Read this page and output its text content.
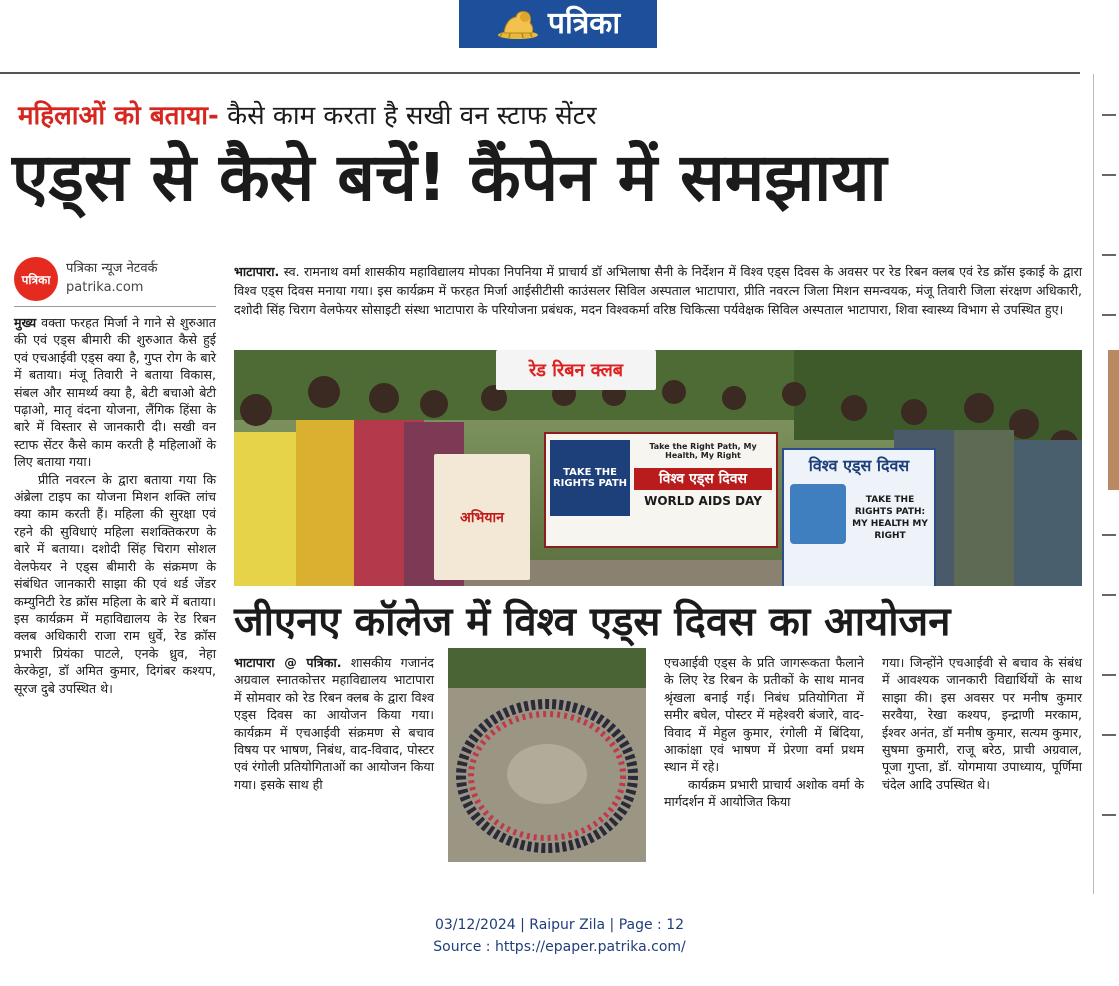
पत्रिका
महिलाओं को बताया- कैसे काम करता है सखी वन स्टाफ सेंटर
एड्स से कैसे बचें! कैंपेन में समझाया
पत्रिका
पत्रिका न्यूज नेटवर्क
patrika.com

मुख्य वक्ता फरहत मिर्जा ने गाने से शुरुआत की एवं एड्स बीमारी की शुरुआत कैसे हुई एवं एचआईवी एड्स क्या है, गुप्त रोग के बारे में बताया। मंजू तिवारी ने बताया विकास, संबल और सामर्थ्य क्या है, बेटी बचाओ बेटी पढ़ाओ, मातृ वंदना योजना, लैंगिक हिंसा के बारे में विस्तार से जानकारी दी। सखी वन स्टाफ सेंटर कैसे काम करती है महिलाओं के लिए बताया गया।

प्रीति नवरत्न के द्वारा बताया गया कि अंब्रेला टाइप का योजना मिशन शक्ति लांच क्या काम करती हैं। महिला की सुरक्षा एवं रहने की सुविधाएं महिला सशक्तिकरण के बारे में बताया। दशोदी सिंह चिराग सोशल वेलफेयर ने एड्स बीमारी के संक्रमण के संबंधित जानकारी साझा की एवं थर्ड जेंडर कम्युनिटी रेड क्रॉस महिला के बारे में बताया। इस कार्यक्रम में महाविद्यालय के रेड रिबन क्लब अधिकारी राजा राम धुर्वे, रेड क्रॉस प्रभारी प्रियंका पाटले, एनके ध्रुव, नेहा केरकेट्टा, डॉ अमित कुमार, दिगंबर कश्यप, सूरज दुबे उपस्थित थे।

भाटापारा. स्व. रामनाथ वर्मा शासकीय महाविद्यालय मोपका निपनिया में प्राचार्य डॉ अभिलाषा सैनी के निर्देशन में विश्व एड्स दिवस के अवसर पर रेड रिबन क्लब एवं रेड क्रॉस इकाई के द्वारा विश्व एड्स दिवस मनाया गया। इस कार्यक्रम में फरहत मिर्जा आईसीटीसी काउंसलर सिविल अस्पताल भाटापारा, प्रीति नवरत्न जिला मिशन समन्वयक, मंजू तिवारी जिला संरक्षण अधिकारी, दशोदी सिंह चिराग वेलफेयर सोसाइटी संस्था भाटापारा के परियोजना प्रबंधक, मदन विश्वकर्मा वरिष्ठ चिकित्सा पर्यवेक्षक सिविल अस्पताल भाटापारा, शिवा स्वास्थ्य विभाग से उपस्थित हुए।
रेड रिबन क्लब
अभियान
TAKE THE RIGHTS PATH
Take the Right Path, My Health, My Right
विश्व एड्स दिवस
WORLD AIDS DAY
विश्व एड्स दिवस
TAKE THE RIGHTS PATH: MY HEALTH MY RIGHT
जीएनए कॉलेज में विश्व एड्स दिवस का आयोजन

भाटापारा @ पत्रिका. शासकीय गजानंद अग्रवाल स्नातकोत्तर महाविद्यालय भाटापारा में सोमवार को रेड रिबन क्लब के द्वारा विश्व एड्स दिवस का आयोजन किया गया। कार्यक्रम में एचआईवी संक्रमण से बचाव विषय पर भाषण, निबंध, वाद-विवाद, पोस्टर एवं रंगोली प्रतियोगिताओं का आयोजन किया गया। इसके साथ ही

एचआईवी एड्स के प्रति जागरूकता फैलाने के लिए रेड रिबन के प्रतीकों के साथ मानव श्रृंखला बनाई गई। निबंध प्रतियोगिता में समीर बघेल, पोस्टर में महेश्वरी बंजारे, वाद-विवाद में मेहुल कुमार, रंगोली में बिंदिया, आकांक्षा एवं भाषण में प्रेरणा वर्मा प्रथम स्थान में रहे।

कार्यक्रम प्रभारी प्राचार्य अशोक वर्मा के मार्गदर्शन में आयोजित किया

गया। जिन्होंने एचआईवी से बचाव के संबंध में आवश्यक जानकारी विद्यार्थियों के साथ साझा की। इस अवसर पर मनीष कुमार सरवैया, रेखा कश्यप, इन्द्राणी मरकाम, ईश्वर अनंत, डॉ मनीष कुमार, सत्यम कुमार, सुषमा कुमारी, राजू बरेठ, प्राची अग्रवाल, पूजा गुप्ता, डॉ. योगमाया उपाध्याय, पूर्णिमा चंदेल आदि उपस्थित थे।

03/12/2024 | Raipur Zila | Page : 12
Source : https://epaper.patrika.com/
